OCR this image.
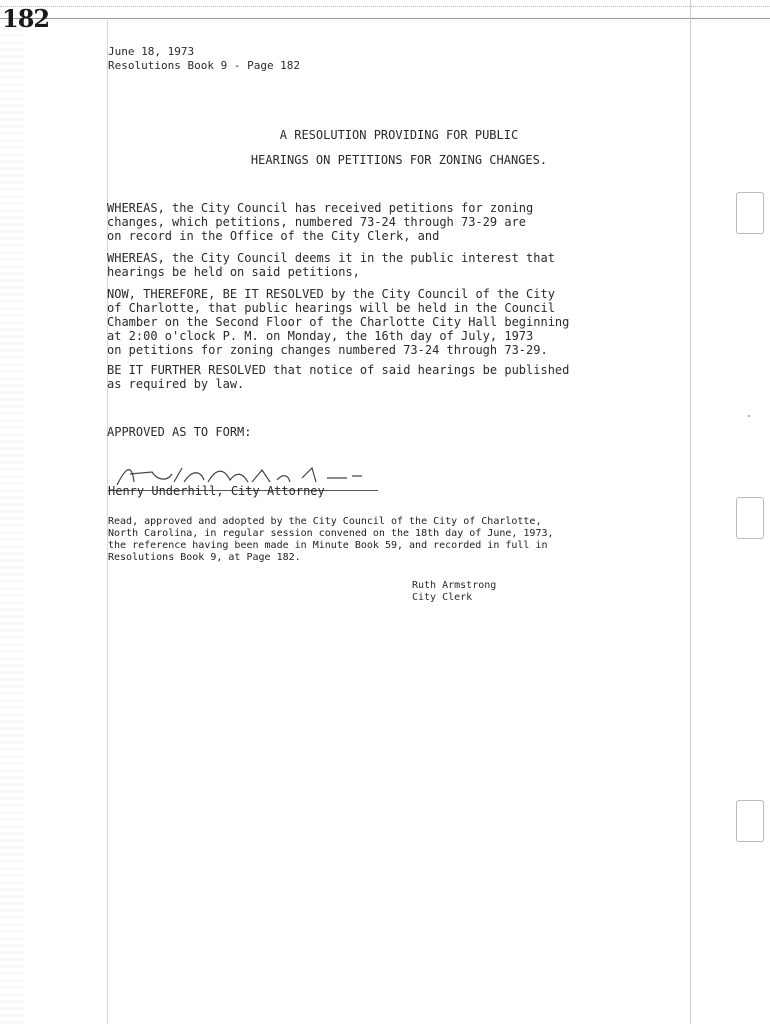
182
June 18, 1973
Resolutions Book 9 - Page 182
A RESOLUTION PROVIDING FOR PUBLIC
HEARINGS ON PETITIONS FOR ZONING CHANGES.
WHEREAS, the City Council has received petitions for zoning
changes, which petitions, numbered 73-24 through 73-29 are
on record in the Office of the City Clerk, and
WHEREAS, the City Council deems it in the public interest that
hearings be held on said petitions,
NOW, THEREFORE, BE IT RESOLVED by the City Council of the City
of Charlotte, that public hearings will be held in the Council
Chamber on the Second Floor of the Charlotte City Hall beginning
at 2:00 o'clock P. M. on Monday, the 16th day of July, 1973
on petitions for zoning changes numbered 73-24 through 73-29.
BE IT FURTHER RESOLVED that notice of said hearings be published
as required by law.
APPROVED AS TO FORM:
Henry Underhill, City Attorney
Read, approved and adopted by the City Council of the City of Charlotte,
North Carolina, in regular session convened on the 18th day of June, 1973,
the reference having been made in Minute Book 59, and recorded in full in
Resolutions Book 9, at Page 182.
Ruth Armstrong
City Clerk
